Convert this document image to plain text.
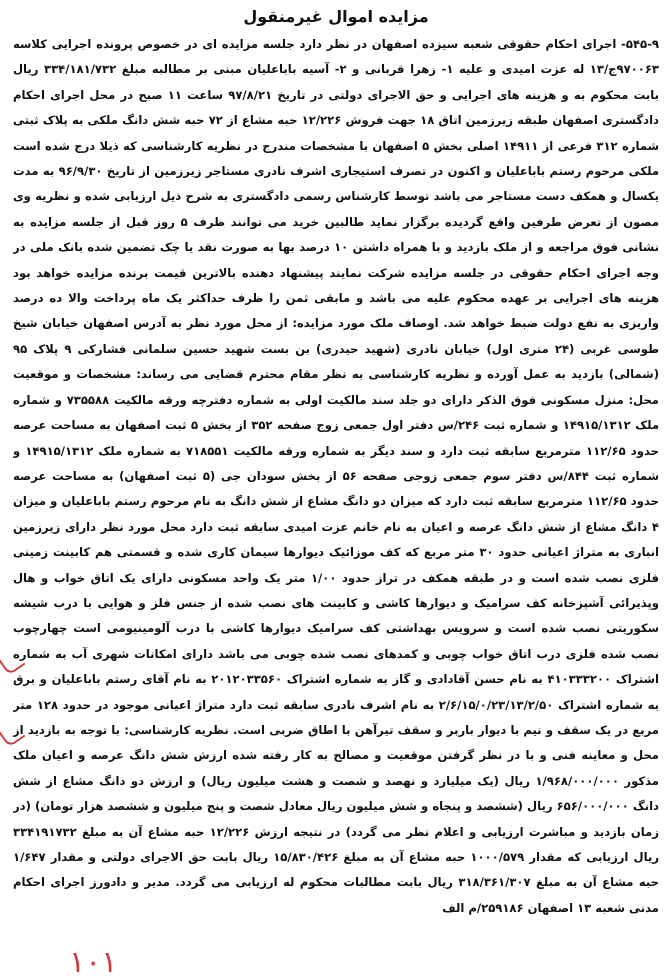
مزایده اموال غیرمنقول

۵۴۵-۹- اجرای احکام حقوقی شعبه سیزده اصفهان در نظر دارد جلسه مزایده ای در خصوص پرونده اجرایی کلاسه ۹۷۰۰۶۳ج/۱۳ له عزت امیدی و علیه ۱- زهرا قربانی و ۲- آسیه باباعلیان مبنی بر مطالبه مبلغ ۳۳۴/۱۸۱/۷۳۲ ریال بابت محکوم به و هزینه های اجرایی و حق الاجرای دولتی در تاریخ ۹۷/۸/۲۱ ساعت ۱۱ صبح در محل اجرای احکام دادگستری اصفهان طبقه زیرزمین اتاق ۱۸ جهت فروش ۱۲/۲۲۶ حبه مشاع از ۷۲ حبه شش دانگ ملکی به پلاک ثبتی شماره ۳۱۲ فرعی از ۱۴۹۱۱ اصلی بخش ۵ اصفهان با مشخصات مندرج در نظریه کارشناسی که ذیلا درج شده است ملکی مرحوم رستم باباعلیان و اکنون در تصرف استیجاری اشرف نادری مستاجر زیرزمین از تاریخ ۹۶/۹/۳۰ به مدت یکسال و همکف دست مستاجر می باشد توسط کارشناس رسمی دادگستری به شرح ذیل ارزیابی شده و نظریه وی مصون از تعرض طرفین واقع گردیده برگزار نماید طالبین خرید می توانند ظرف ۵ روز قبل از جلسه مزایده به نشانی فوق مراجعه و از ملک بازدید و با همراه داشتن ۱۰ درصد بها به صورت نقد یا چک تضمین شده بانک ملی در وجه اجرای احکام حقوقی در جلسه مزایده شرکت نمایند پیشنهاد دهنده بالاترین قیمت برنده مزایده خواهد بود هزینه های اجرایی بر عهده محکوم علیه می باشد و مابقی ثمن را ظرف حداکثر یک ماه پرداخت والا ده درصد واریزی به نفع دولت ضبط خواهد شد. اوصاف ملک مورد مزایده: از محل مورد نظر به آدرس اصفهان خیابان شیخ طوسی غربی (۲۴ متری اول) خیابان نادری (شهید حیدری) بن بست شهید حسین سلمانی فشارکی ۹ پلاک ۹۵ (شمالی) بازدید به عمل آورده و نظریه کارشناسی به نظر مقام محترم قضایی می رساند: مشخصات و موقعیت محل: منزل مسکونی فوق الذکر دارای دو جلد سند مالکیت اولی به شماره دفترچه ورقه مالکیت ۷۳۵۵۸۸ و شماره ملک ۱۴۹۱۵/۱۳۱۲ و شماره ثبت ۲۴۶/س دفتر اول جمعی زوج صفحه ۳۵۲ از بخش ۵ ثبت اصفهان به مساحت عرصه حدود ۱۱۲/۶۵ مترمربع سابقه ثبت دارد و سند دیگر به شماره ورقه مالکیت ۷۱۸۵۵۱ به شماره ملک ۱۴۹۱۵/۱۳۱۲ و شماره ثبت ۸۴۴/س دفتر سوم جمعی زوجی صفحه ۵۶ از بخش سودان جی (۵ ثبت اصفهان) به مساحت عرصه حدود ۱۱۲/۶۵ مترمربع سابقه ثبت دارد که میزان دو دانگ مشاع از شش دانگ به نام مرحوم رستم باباعلیان و میزان ۴ دانگ مشاع از شش دانگ عرصه و اعیان به نام خانم عزت امیدی سابقه ثبت دارد محل مورد نظر دارای زیرزمین انباری به متراژ اعیانی حدود ۳۰ متر مربع که کف موزائیک دیوارها سیمان کاری شده و قسمتی هم کابینت زمینی فلزی نصب شده است و در طبقه همکف در تراز حدود ۱/۰۰ متر یک واحد مسکونی دارای یک اتاق خواب و هال وپذیرائی آشپزخانه کف سرامیک و دیوارها کاشی و کابینت های نصب شده از جنس فلز و هوایی با درب شیشه سکوریتی نصب شده است و سرویس بهداشتی کف سرامیک دیوارها کاشی با درب آلومینیومی است چهارچوب نصب شده فلزی درب اتاق خواب چوبی و کمدهای نصب شده چوبی می باشد دارای امکانات شهری آب به شماره اشتراک ۴۱۰۳۳۳۲۰۰ به نام حسن آقادادی و گاز به شماره اشتراک ۲۰۱۲۰۳۳۵۶۰ به نام آقای رستم باباعلیان و برق به شماره اشتراک ۲/۶/۱۵/۰/۲۳/۱۳/۲/۵۰ به نام اشرف نادری سابقه ثبت دارد متراژ اعیانی موجود در حدود ۱۲۸ متر مربع در یک سقف و نیم با دیوار باربر و سقف تیرآهن با اطاق ضربی است. نظریه کارشناسی: با توجه به بازدید از محل و معاینه فنی و با در نظر گرفتن موقعیت و مصالح به کار رفته شده ارزش شش دانگ عرصه و اعیان ملک مذکور ۱/۹۶۸/۰۰۰/۰۰۰ ریال (یک میلیارد و نهصد و شصت و هشت میلیون ریال) و ارزش دو دانگ مشاع از شش دانگ ۶۵۶/۰۰۰/۰۰۰ ریال (ششصد و پنجاه و شش میلیون ریال معادل شصت و پنج میلیون و ششصد هزار تومان) (در زمان بازدید و مباشرت ارزیابی و اعلام نظر می گردد) در نتیجه ارزش ۱۲/۲۲۶ حبه مشاع آن به مبلغ ۳۳۴۱۹۱۷۳۲ ریال ارزیابی که مقدار ۱۰۰۰/۵۷۹ حبه مشاع آن به مبلغ ۱۵/۸۳۰/۴۲۶ ریال بابت حق الاجرای دولتی و مقدار ۱/۶۴۷ حبه مشاع آن به مبلغ ۳۱۸/۳۶۱/۳۰۷ ریال بابت مطالبات محکوم له ارزیابی می گردد. مدیر و دادورز اجرای احکام مدنی شعبه ۱۳ اصفهان ۲۵۹۱۸۶/م الف

۱۰۱
